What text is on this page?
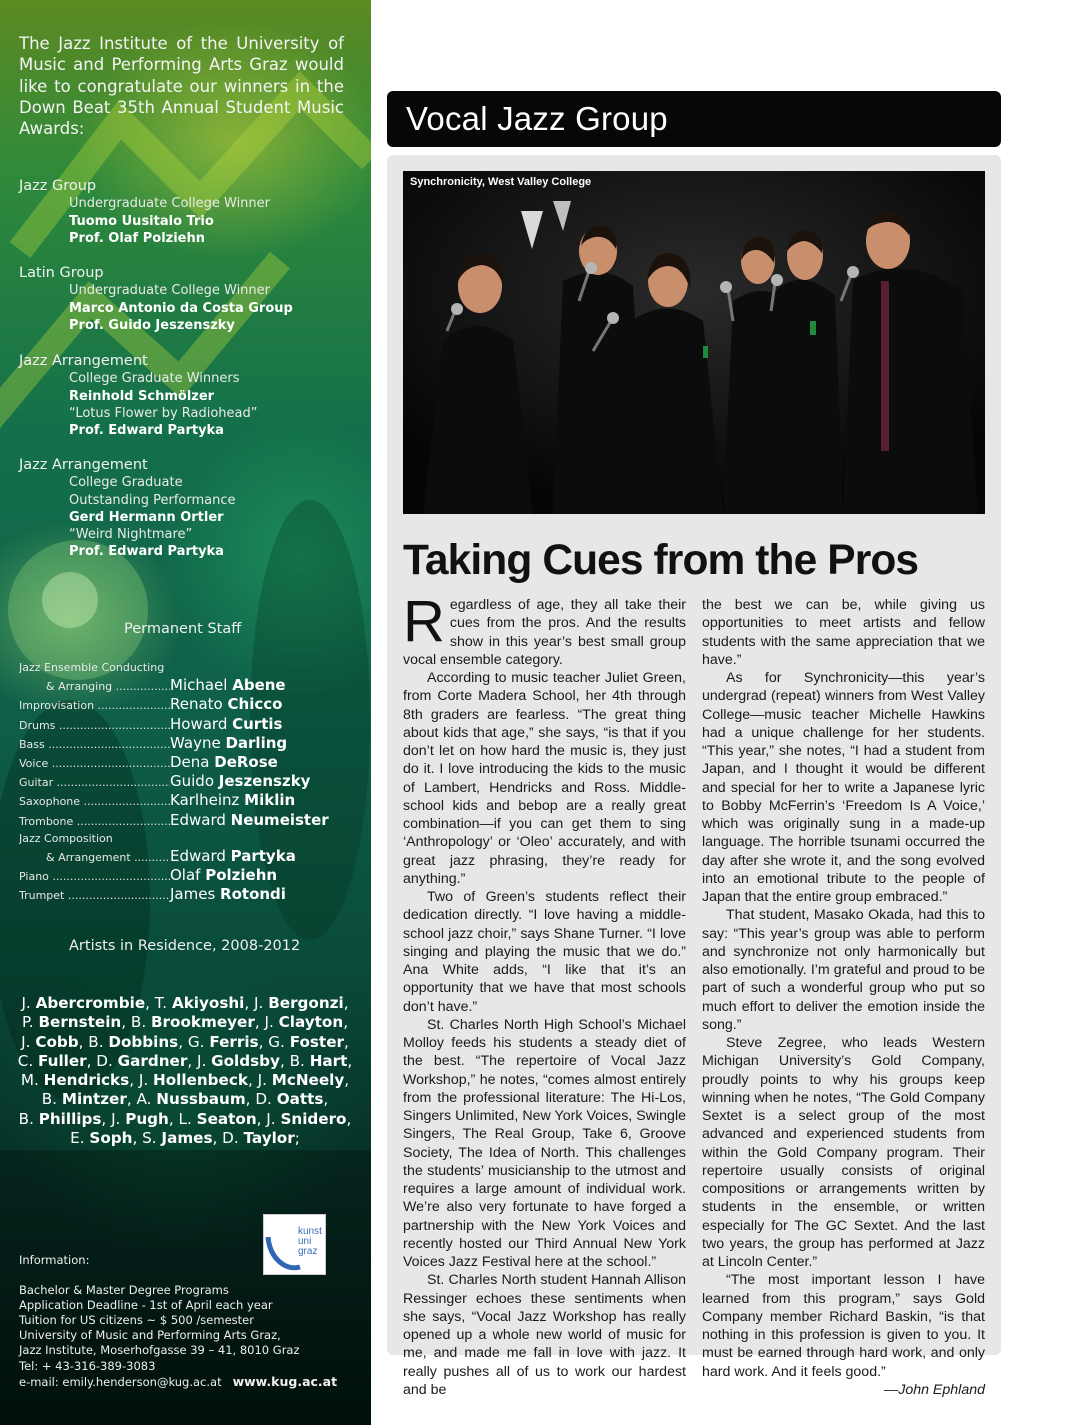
The Jazz Institute of the University of Music and Performing Arts Graz would like to congratulate our winners in the Down Beat 35th Annual Student Music Awards:
Jazz Group
Undergraduate College Winner
Tuomo Uusitalo Trio
Prof. Olaf Polziehn
Latin Group
Undergraduate College Winner
Marco Antonio da Costa Group
Prof. Guido Jeszenszky
Jazz Arrangement
College Graduate Winners
Reinhold Schmölzer
“Lotus Flower by Radiohead”
Prof. Edward Partyka
Jazz Arrangement
College Graduate
Outstanding Performance
Gerd Hermann Ortler
“Weird Nightmare”
Prof. Edward Partyka
Permanent Staff
Jazz Ensemble Conducting
& Arranging .....	Michael Abene
Improvisation .....	Renato Chicco
Drums .....	Howard Curtis
Bass .....	Wayne Darling
Voice .....	Dena DeRose
Guitar .....	Guido Jeszenszky
Saxophone .....	Karlheinz Miklin
Trombone .....	Edward Neumeister
Jazz Composition
& Arrangement .....	Edward Partyka
Piano .....	Olaf Polziehn
Trumpet .....	James Rotondi
Artists in Residence, 2008-2012
J. Abercrombie, T. Akiyoshi, J. Bergonzi,
P. Bernstein, B. Brookmeyer, J. Clayton,
J. Cobb, B. Dobbins, G. Ferris, G. Foster,
C. Fuller, D. Gardner, J. Goldsby, B. Hart,
M. Hendricks, J. Hollenbeck, J. McNeely,
B. Mintzer, A. Nussbaum, D. Oatts,
B. Phillips, J. Pugh, L. Seaton, J. Snidero,
E. Soph, S. James, D. Taylor;
kunst
uni
graz
Information:
Bachelor & Master Degree Programs
Application Deadline - 1st of April each year
Tuition for US citizens ~ $ 500 /semester
University of Music and Performing Arts Graz,
Jazz Institute, Moserhofgasse 39 – 41, 8010 Graz
Tel: + 43-316-389-3083
e-mail: emily.henderson@kug.ac.at www.kug.ac.at
Vocal Jazz Group
Synchronicity, West Valley College
Taking Cues from the Pros

Regardless of age, they all take their cues from the pros. And the results show in this year’s best small group vocal ensemble category.

According to music teacher Juliet Green, from Corte Madera School, her 4th through 8th graders are fearless. “The great thing about kids that age,” she says, “is that if you don’t let on how hard the music is, they just do it. I love introducing the kids to the music of Lambert, Hendricks and Ross. Middle-school kids and bebop are a really great combination—if you can get them to sing ‘Anthropology’ or ‘Oleo’ accurately, and with great jazz phrasing, they’re ready for anything.”

Two of Green’s students reflect their dedication directly. “I love having a middle-school jazz choir,” says Shane Turner. “I love singing and playing the music that we do.” Ana White adds, “I like that it’s an opportunity that we have that most schools don’t have.”

St. Charles North High School’s Michael Molloy feeds his students a steady diet of the best. “The repertoire of Vocal Jazz Workshop,” he notes, “comes almost entirely from the professional literature: The Hi-Los, Singers Unlimited, New York Voices, Swingle Singers, The Real Group, Take 6, Groove Society, The Idea of North. This challenges the students’ musicianship to the utmost and requires a large amount of individual work. We’re also very fortunate to have forged a partnership with the New York Voices and recently hosted our Third Annual New York Voices Jazz Festival here at the school.”

St. Charles North student Hannah Allison Ressinger echoes these sentiments when she says, “Vocal Jazz Workshop has really opened up a whole new world of music for me, and made me fall in love with jazz. It really pushes all of us to work our hardest and be

the best we can be, while giving us opportunities to meet artists and fellow students with the same appreciation that we have.”

As for Synchronicity—this year’s undergrad (repeat) winners from West Valley College—music teacher Michelle Hawkins had a unique challenge for her students. “This year,” she notes, “I had a student from Japan, and I thought it would be different and special for her to write a Japanese lyric to Bobby McFerrin’s ‘Freedom Is A Voice,’ which was originally sung in a made-up language. The horrible tsunami occurred the day after she wrote it, and the song evolved into an emotional tribute to the people of Japan that the entire group embraced.”

That student, Masako Okada, had this to say: “This year’s group was able to perform and synchronize not only harmonically but also emotionally. I’m grateful and proud to be part of such a wonderful group who put so much effort to deliver the emotion inside the song.”

Steve Zegree, who leads Western Michigan University’s Gold Company, proudly points to why his groups keep winning when he notes, “The Gold Company Sextet is a select group of the most advanced and experienced students from within the Gold Company program. Their repertoire usually consists of original compositions or arrangements written by students in the ensemble, or written especially for The GC Sextet. And the last two years, the group has performed at Jazz at Lincoln Center.”

“The most important lesson I have learned from this program,” says Gold Company member Richard Baskin, “is that nothing in this profession is given to you. It must be earned through hard work, and only hard work. And it feels good.”
—John Ephland
